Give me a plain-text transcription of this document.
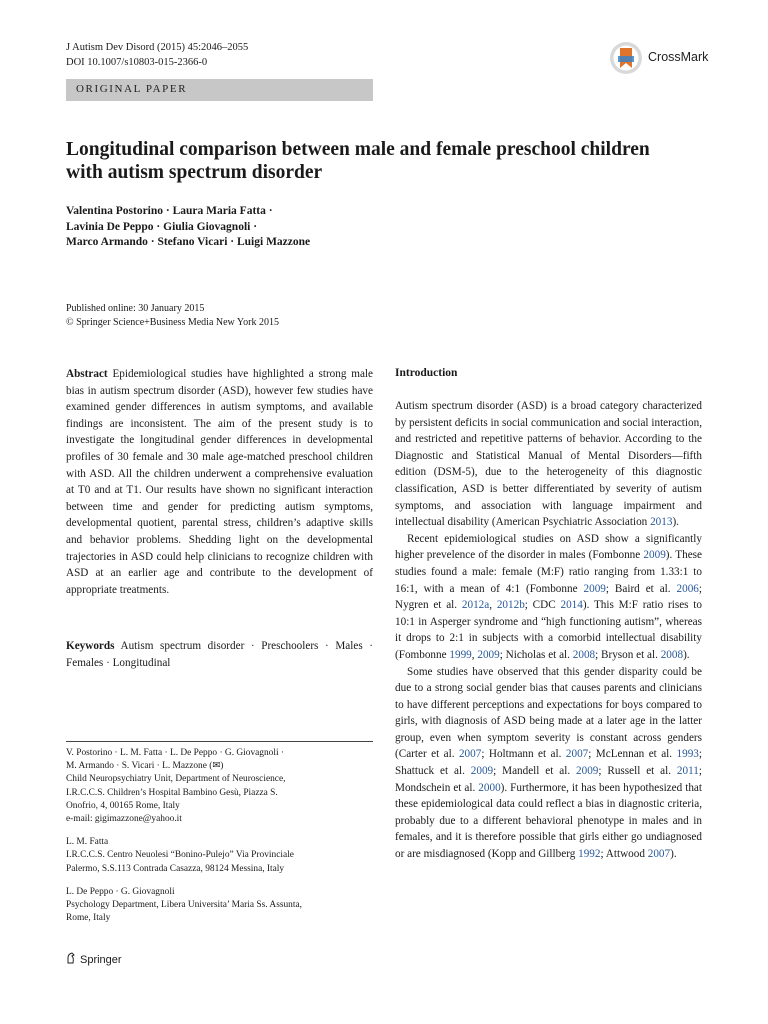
J Autism Dev Disord (2015) 45:2046–2055
DOI 10.1007/s10803-015-2366-0	CrossMark
ORIGINAL PAPER
Longitudinal comparison between male and female preschool children with autism spectrum disorder
Valentina Postorino · Laura Maria Fatta ·
Lavinia De Peppo · Giulia Giovagnoli ·
Marco Armando · Stefano Vicari · Luigi Mazzone
Published online: 30 January 2015
© Springer Science+Business Media New York 2015
Abstract Epidemiological studies have highlighted a strong male bias in autism spectrum disorder (ASD), however few studies have examined gender differences in autism symptoms, and available findings are inconsistent. The aim of the present study is to investigate the longitudinal gender differences in developmental profiles of 30 female and 30 male age-matched preschool children with ASD. All the children underwent a comprehensive evaluation at T0 and at T1. Our results have shown no significant interaction between time and gender for predicting autism symptoms, developmental quotient, parental stress, children’s adaptive skills and behavior problems. Shedding light on the developmental trajectories in ASD could help clinicians to recognize children with ASD at an earlier age and contribute to the development of appropriate treatments.
Keywords Autism spectrum disorder · Preschoolers · Males · Females · Longitudinal

V. Postorino · L. M. Fatta · L. De Peppo · G. Giovagnoli ·
M. Armando · S. Vicari · L. Mazzone (✉)
Child Neuropsychiatry Unit, Department of Neuroscience,
I.R.C.C.S. Children’s Hospital Bambino Gesù, Piazza S.
Onofrio, 4, 00165 Rome, Italy
e-mail: gigimazzone@yahoo.it

L. M. Fatta
I.R.C.C.S. Centro Neuolesi “Bonino-Pulejo” Via Provinciale
Palermo, S.S.113 Contrada Casazza, 98124 Messina, Italy

L. De Peppo · G. Giovagnoli
Psychology Department, Libera Universita’ Maria Ss. Assunta,
Rome, Italy

Introduction

Autism spectrum disorder (ASD) is a broad category characterized by persistent deficits in social communication and social interaction, and restricted and repetitive patterns of behavior. According to the Diagnostic and Statistical Manual of Mental Disorders—fifth edition (DSM-5), due to the heterogeneity of this diagnostic classification, ASD is better differentiated by severity of autism symptoms, and association with language impairment and intellectual disability (American Psychiatric Association 2013).

Recent epidemiological studies on ASD show a significantly higher prevelence of the disorder in males (Fombonne 2009). These studies found a male: female (M:F) ratio ranging from 1.33:1 to 16:1, with a mean of 4:1 (Fombonne 2009; Baird et al. 2006; Nygren et al. 2012a, 2012b; CDC 2014). This M:F ratio rises to 10:1 in Asperger syndrome and “high functioning autism”, whereas it drops to 2:1 in subjects with a comorbid intellectual disability (Fombonne 1999, 2009; Nicholas et al. 2008; Bryson et al. 2008).

Some studies have observed that this gender disparity could be due to a strong social gender bias that causes parents and clinicians to have different perceptions and expectations for boys compared to girls, with diagnosis of ASD being made at a later age in the latter group, even when symptom severity is constant across genders (Carter et al. 2007; Holtmann et al. 2007; McLennan et al. 1993; Shattuck et al. 2009; Mandell et al. 2009; Russell et al. 2011; Mondschein et al. 2000). Furthermore, it has been hypothesized that these epidemiological data could reflect a bias in diagnostic criteria, probably due to a different behavioral phenotype in males and in females, and it is therefore possible that girls either go undiagnosed or are misdiagnosed (Kopp and Gillberg 1992; Attwood 2007).

Springer
